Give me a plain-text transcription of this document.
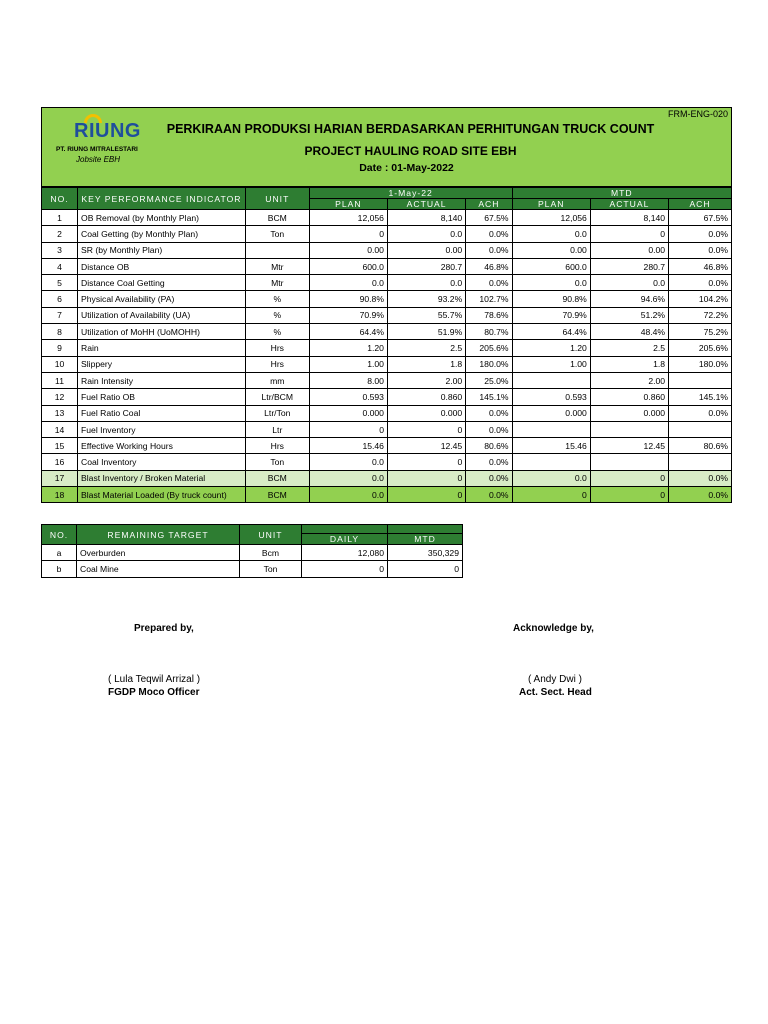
FRM-ENG-020
RIUNG
PT. RIUNG MITRALESTARI
Jobsite EBH
PERKIRAAN PRODUKSI HARIAN BERDASARKAN PERHITUNGAN TRUCK COUNT
PROJECT HAULING ROAD SITE EBH
Date : 01-May-2022
NO.	KEY PERFORMANCE INDICATOR	UNIT	1-May-22			MTD		
			PLAN	ACTUAL	ACH	PLAN	ACTUAL	ACH
1	OB Removal (by Monthly Plan)	BCM	12,056	8,140	67.5%	12,056	8,140	67.5%
2	Coal Getting (by Monthly Plan)	Ton	0	0.0	0.0%	0.0	0	0.0%
3	SR (by Monthly Plan)		0.00	0.00	0.0%	0.00	0.00	0.0%
4	Distance OB	Mtr	600.0	280.7	46.8%	600.0	280.7	46.8%
5	Distance Coal Getting	Mtr	0.0	0.0	0.0%	0.0	0.0	0.0%
6	Physical Availability (PA)	%	90.8%	93.2%	102.7%	90.8%	94.6%	104.2%
7	Utilization of Availability (UA)	%	70.9%	55.7%	78.6%	70.9%	51.2%	72.2%
8	Utilization of MoHH (UoMOHH)	%	64.4%	51.9%	80.7%	64.4%	48.4%	75.2%
9	Rain	Hrs	1.20	2.5	205.6%	1.20	2.5	205.6%
10	Slippery	Hrs	1.00	1.8	180.0%	1.00	1.8	180.0%
11	Rain Intensity	mm	8.00	2.00	25.0%		2.00	
12	Fuel Ratio OB	Ltr/BCM	0.593	0.860	145.1%	0.593	0.860	145.1%
13	Fuel Ratio Coal	Ltr/Ton	0.000	0.000	0.0%	0.000	0.000	0.0%
14	Fuel Inventory	Ltr	0	0	0.0%			
15	Effective Working Hours	Hrs	15.46	12.45	80.6%	15.46	12.45	80.6%
16	Coal Inventory	Ton	0.0	0	0.0%			
17	Blast Inventory / Broken Material	BCM	0.0	0	0.0%	0.0	0	0.0%
18	Blast Material Loaded (By truck count)	BCM	0.0	0	0.0%	0	0	0.0%
NO.	REMAINING TARGET	UNIT		
			DAILY	MTD
a	Overburden	Bcm	12,080	350,329
b	Coal Mine	Ton	0	0
Prepared by,
( Lula Teqwil Arrizal )
FGDP Moco Officer
Acknowledge by,
( Andy Dwi )
Act. Sect. Head
